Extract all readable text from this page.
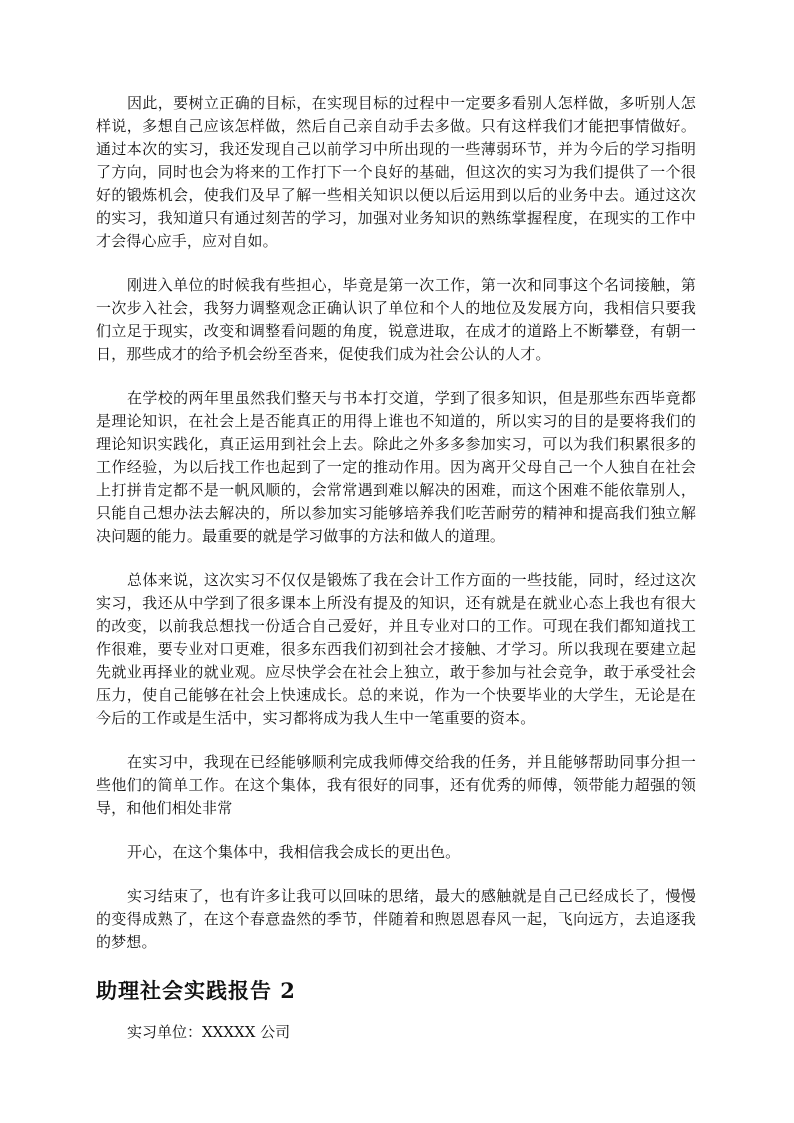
因此，要树立正确的目标，在实现目标的过程中一定要多看别人怎样做，多听别人怎样说，多想自己应该怎样做，然后自己亲自动手去多做。只有这样我们才能把事情做好。通过本次的实习，我还发现自己以前学习中所出现的一些薄弱环节，并为今后的学习指明了方向，同时也会为将来的工作打下一个良好的基础，但这次的实习为我们提供了一个很好的锻炼机会，使我们及早了解一些相关知识以便以后运用到以后的业务中去。通过这次的实习，我知道只有通过刻苦的学习，加强对业务知识的熟练掌握程度，在现实的工作中才会得心应手，应对自如。

刚进入单位的时候我有些担心，毕竟是第一次工作，第一次和同事这个名词接触，第一次步入社会，我努力调整观念正确认识了单位和个人的地位及发展方向，我相信只要我们立足于现实，改变和调整看问题的角度，锐意进取，在成才的道路上不断攀登，有朝一日，那些成才的给予机会纷至沓来，促使我们成为社会公认的人才。

在学校的两年里虽然我们整天与书本打交道，学到了很多知识，但是那些东西毕竟都是理论知识，在社会上是否能真正的用得上谁也不知道的，所以实习的目的是要将我们的理论知识实践化，真正运用到社会上去。除此之外多多参加实习，可以为我们积累很多的工作经验，为以后找工作也起到了一定的推动作用。因为离开父母自己一个人独自在社会上打拼肯定都不是一帆风顺的，会常常遇到难以解决的困难，而这个困难不能依靠别人，只能自己想办法去解决的，所以参加实习能够培养我们吃苦耐劳的精神和提高我们独立解决问题的能力。最重要的就是学习做事的方法和做人的道理。

总体来说，这次实习不仅仅是锻炼了我在会计工作方面的一些技能，同时，经过这次实习，我还从中学到了很多课本上所没有提及的知识，还有就是在就业心态上我也有很大的改变，以前我总想找一份适合自己爱好，并且专业对口的工作。可现在我们都知道找工作很难，要专业对口更难，很多东西我们初到社会才接触、才学习。所以我现在要建立起先就业再择业的就业观。应尽快学会在社会上独立，敢于参加与社会竞争，敢于承受社会压力，使自己能够在社会上快速成长。总的来说，作为一个快要毕业的大学生，无论是在今后的工作或是生活中，实习都将成为我人生中一笔重要的资本。

在实习中，我现在已经能够顺利完成我师傅交给我的任务，并且能够帮助同事分担一些他们的简单工作。在这个集体，我有很好的同事，还有优秀的师傅，领带能力超强的领导，和他们相处非常

开心，在这个集体中，我相信我会成长的更出色。

实习结束了，也有许多让我可以回味的思绪，最大的感触就是自己已经成长了，慢慢的变得成熟了，在这个春意盎然的季节，伴随着和煦恩恩春风一起，飞向远方，去追逐我的梦想。

助理社会实践报告 2

实习单位：XXXXX 公司
